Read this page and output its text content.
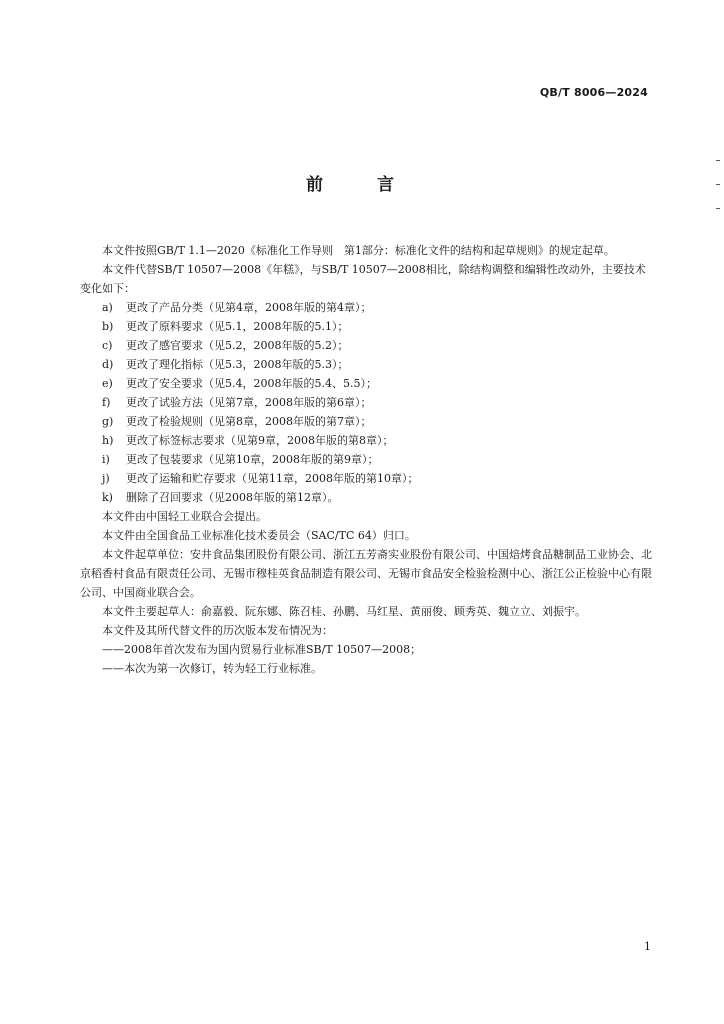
QB/T 8006—2024
前 言

本文件按照GB/T 1.1—2020《标准化工作导则　第1部分：标准化文件的结构和起草规则》的规定起草。

本文件代替SB/T 10507—2008《年糕》，与SB/T 10507—2008相比，除结构调整和编辑性改动外，主要技术变化如下：

a) 更改了产品分类（见第4章，2008年版的第4章）；

b) 更改了原料要求（见5.1，2008年版的5.1）；

c) 更改了感官要求（见5.2，2008年版的5.2）；

d) 更改了理化指标（见5.3，2008年版的5.3）；

e) 更改了安全要求（见5.4，2008年版的5.4、5.5）；

f) 更改了试验方法（见第7章，2008年版的第6章）；

g) 更改了检验规则（见第8章，2008年版的第7章）；

h) 更改了标签标志要求（见第9章，2008年版的第8章）；

i) 更改了包装要求（见第10章，2008年版的第9章）；

j) 更改了运输和贮存要求（见第11章，2008年版的第10章）；

k) 删除了召回要求（见2008年版的第12章）。

本文件由中国轻工业联合会提出。

本文件由全国食品工业标准化技术委员会（SAC/TC 64）归口。

本文件起草单位：安井食品集团股份有限公司、浙江五芳斋实业股份有限公司、中国焙烤食品糖制品工业协会、北京稻香村食品有限责任公司、无锡市穆桂英食品制造有限公司、无锡市食品安全检验检测中心、浙江公正检验中心有限公司、中国商业联合会。

本文件主要起草人：俞嘉毅、阮东娜、陈召桂、孙鹏、马红星、黄丽俊、顾秀英、魏立立、刘振宇。

本文件及其所代替文件的历次版本发布情况为：

——2008年首次发布为国内贸易行业标准SB/T 10507—2008；

——本次为第一次修订，转为轻工行业标准。

1
